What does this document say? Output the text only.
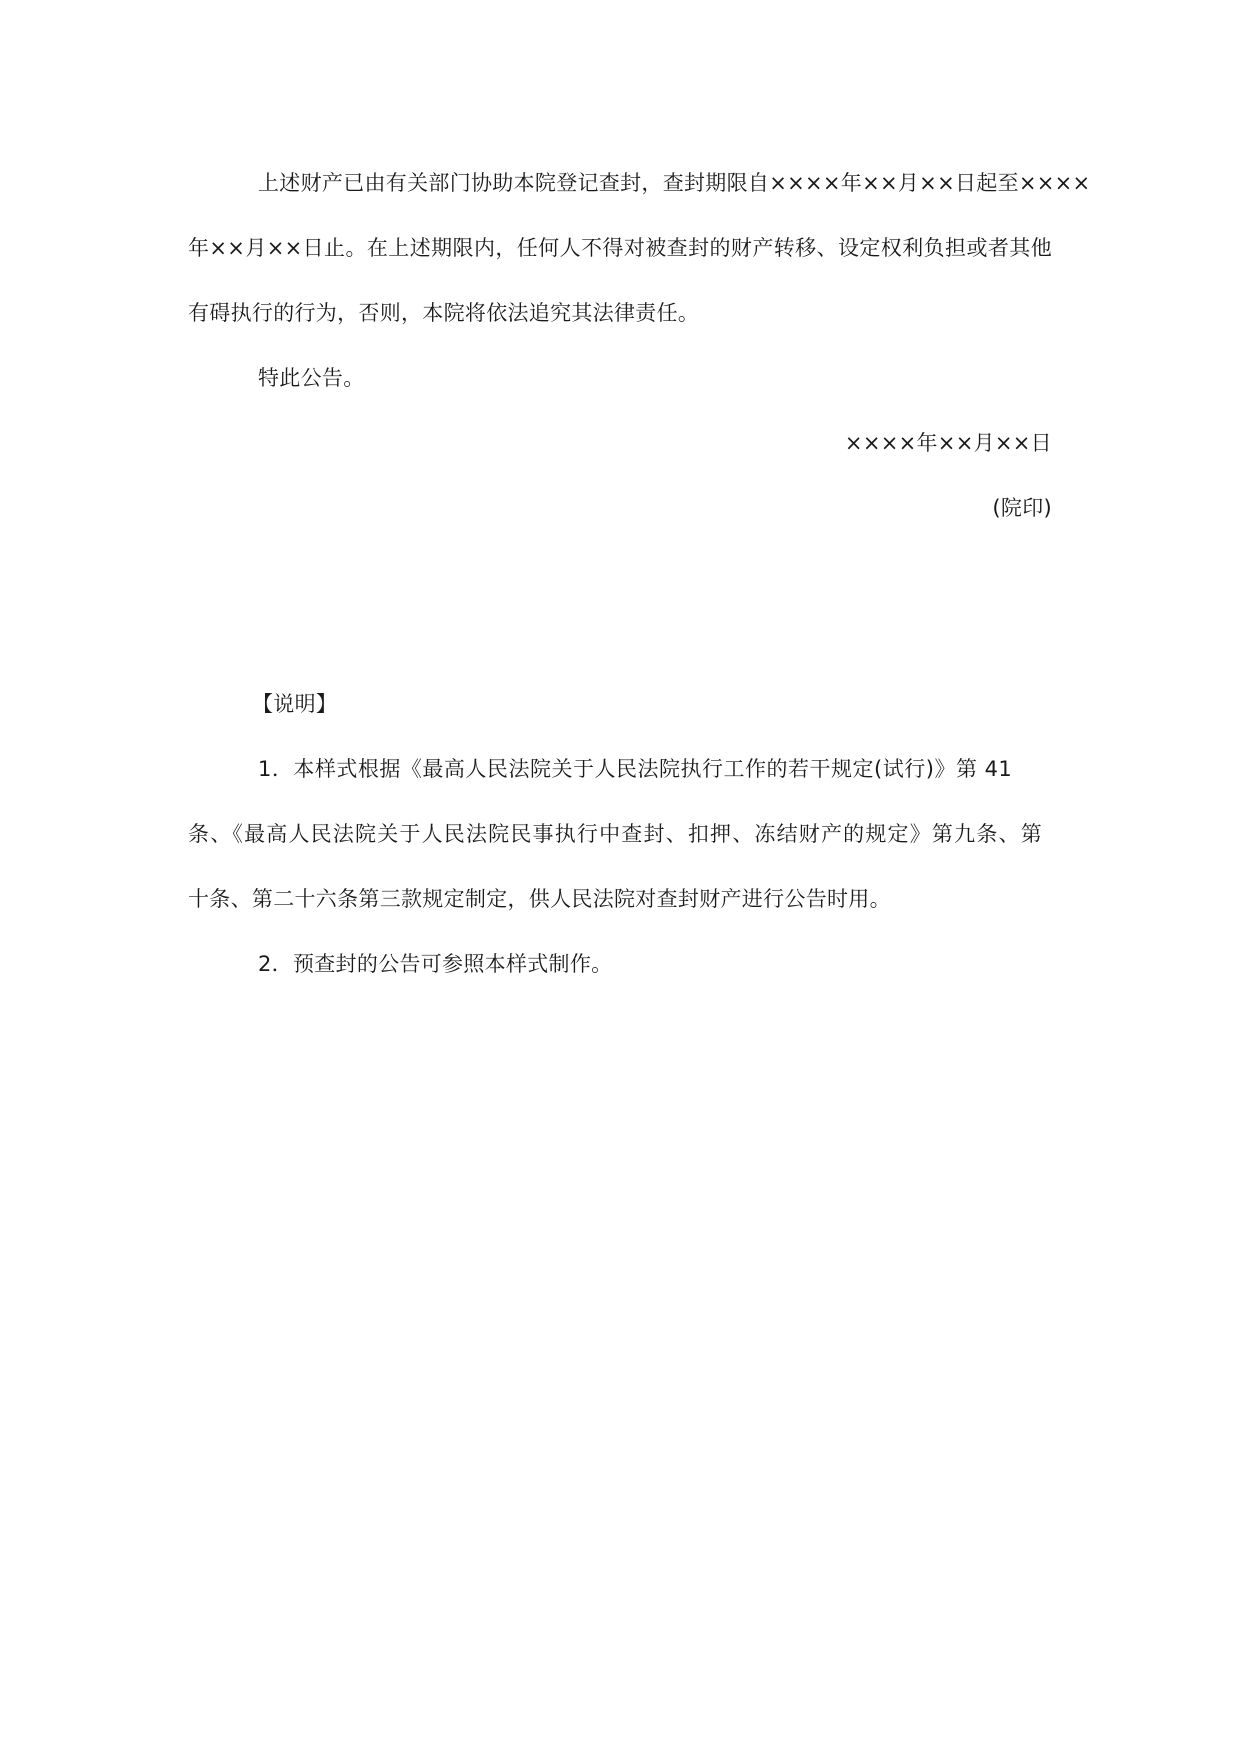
上述财产已由有关部门协助本院登记查封，查封期限自××××年××月××日起至××××
年××月××日止。在上述期限内，任何人不得对被查封的财产转移、设定权利负担或者其他
有碍执行的行为，否则，本院将依法追究其法律责任。
特此公告。
××××年××月××日
(院印)
【说明】
1．本样式根据《最高人民法院关于人民法院执行工作的若干规定(试行)》第 41
条、《最高人民法院关于人民法院民事执行中查封、扣押、冻结财产的规定》第九条、第
十条、第二十六条第三款规定制定，供人民法院对查封财产进行公告时用。
2．预查封的公告可参照本样式制作。
